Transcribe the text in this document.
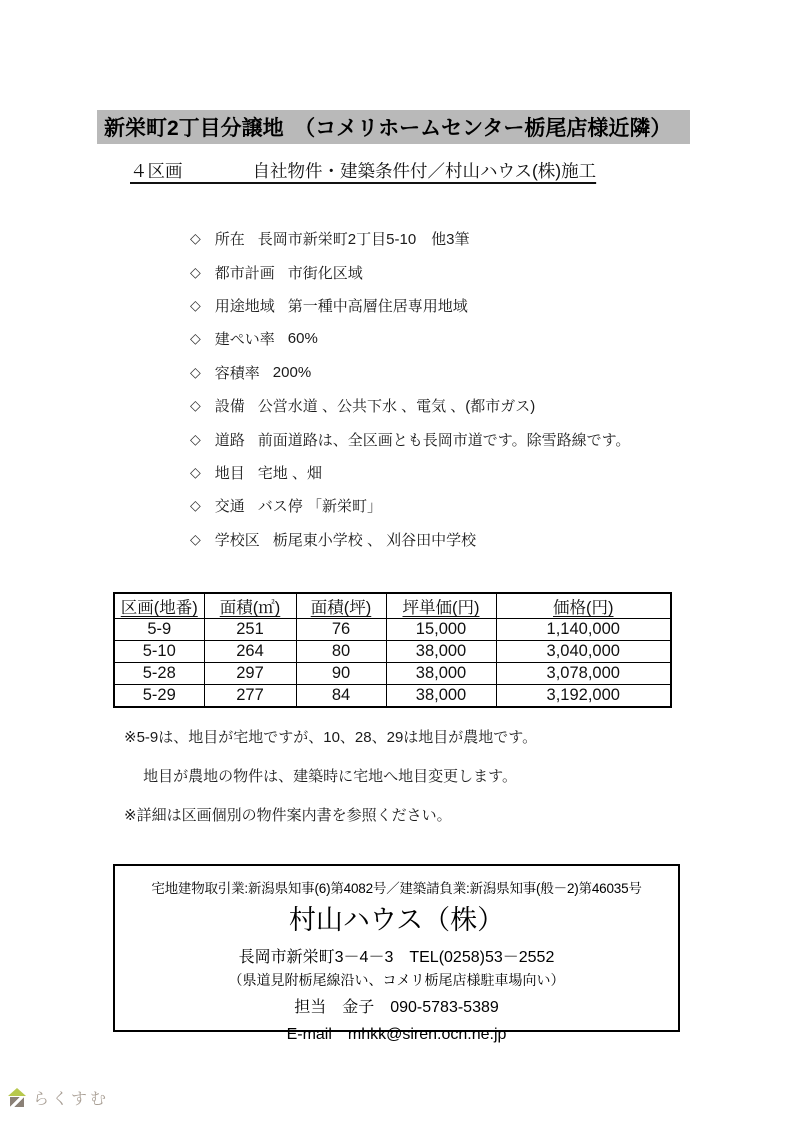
新栄町2丁目分譲地　（コメリホームセンター栃尾店様近隣）
４区画　　　　自社物件・建築条件付／村山ハウス(株)施工
◇ 所在 長岡市新栄町2丁目5-10　他3筆
◇ 都市計画 市街化区域
◇ 用途地域 第一種中高層住居専用地域
◇ 建ぺい率 60%
◇ 容積率 200%
◇ 設備 公営水道 、公共下水 、電気 、(都市ガス)
◇ 道路 前面道路は、全区画とも長岡市道です。除雪路線です。
◇ 地目 宅地 、畑
◇ 交通 バス停 「新栄町」
◇ 学校区 栃尾東小学校 、 刈谷田中学校
区画(地番)	面積(㎡)	面積(坪)	坪単価(円)	価格(円)
5-9	251	76	15,000	1,140,000
5-10	264	80	38,000	3,040,000
5-28	297	90	38,000	3,078,000
5-29	277	84	38,000	3,192,000
※5-9は、地目が宅地ですが、10、28、29は地目が農地です。
　 地目が農地の物件は、建築時に宅地へ地目変更します。
※詳細は区画個別の物件案内書を参照ください。
宅地建物取引業:新潟県知事(6)第4082号／建築請負業:新潟県知事(般－2)第46035号
村山ハウス（株）
長岡市新栄町3－4－3　TEL(0258)53－2552
（県道見附栃尾線沿い、コメリ栃尾店様駐車場向い）
担当　金子　090-5783-5389
E-mail　mhkk@siren.ocn.ne.jp
らくすむ
